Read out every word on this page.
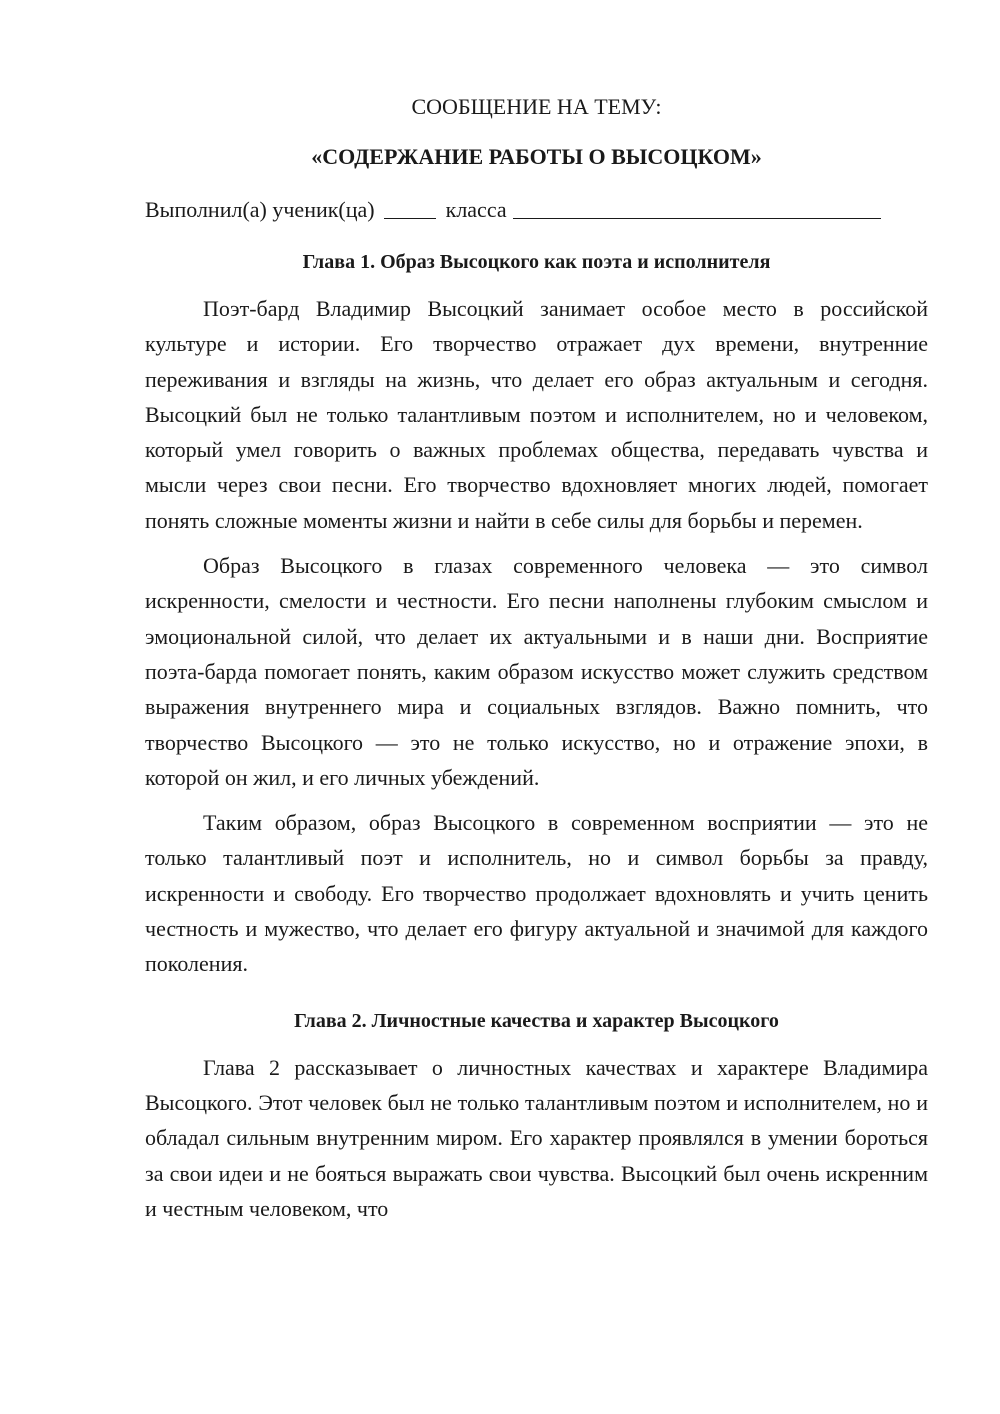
СООБЩЕНИЕ НА ТЕМУ:

«СОДЕРЖАНИЕ РАБОТЫ О ВЫСОЦКОМ»

Выполнил(а) ученик(ца)	класса

Глава 1. Образ Высоцкого как поэта и исполнителя

Поэт-бард Владимир Высоцкий занимает особое место в российской культуре и истории. Его творчество отражает дух времени, внутренние переживания и взгляды на жизнь, что делает его образ актуальным и сегодня. Высоцкий был не только талантливым поэтом и исполнителем, но и человеком, который умел говорить о важных проблемах общества, передавать чувства и мысли через свои песни. Его творчество вдохновляет многих людей, помогает понять сложные моменты жизни и найти в себе силы для борьбы и перемен.

Образ Высоцкого в глазах современного человека — это символ искренности, смелости и честности. Его песни наполнены глубоким смыслом и эмоциональной силой, что делает их актуальными и в наши дни. Восприятие поэта-барда помогает понять, каким образом искусство может служить средством выражения внутреннего мира и социальных взглядов. Важно помнить, что творчество Высоцкого — это не только искусство, но и отражение эпохи, в которой он жил, и его личных убеждений.

Таким образом, образ Высоцкого в современном восприятии — это не только талантливый поэт и исполнитель, но и символ борьбы за правду, искренности и свободу. Его творчество продолжает вдохновлять и учить ценить честность и мужество, что делает его фигуру актуальной и значимой для каждого поколения.

Глава 2. Личностные качества и характер Высоцкого

Глава 2 рассказывает о личностных качествах и характере Владимира Высоцкого. Этот человек был не только талантливым поэтом и исполнителем, но и обладал сильным внутренним миром. Его характер проявлялся в умении бороться за свои идеи и не бояться выражать свои чувства. Высоцкий был очень искренним и честным человеком, что
